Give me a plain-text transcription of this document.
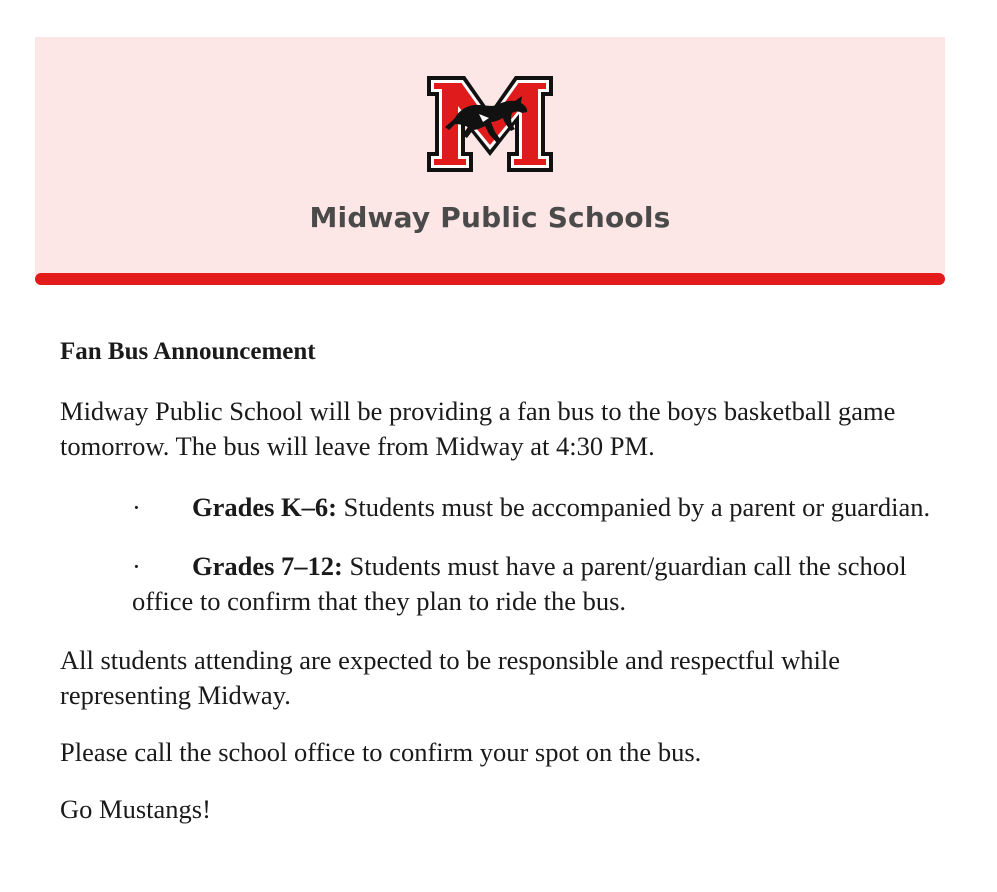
Midway Public Schools

Fan Bus Announcement

Midway Public School will be providing a fan bus to the boys basketball game tomorrow. The bus will leave from Midway at 4:30 PM.

· Grades K–6: Students must be accompanied by a parent or guardian.

· Grades 7–12: Students must have a parent/guardian call the school office to confirm that they plan to ride the bus.

All students attending are expected to be responsible and respectful while representing Midway.

Please call the school office to confirm your spot on the bus.

Go Mustangs!
